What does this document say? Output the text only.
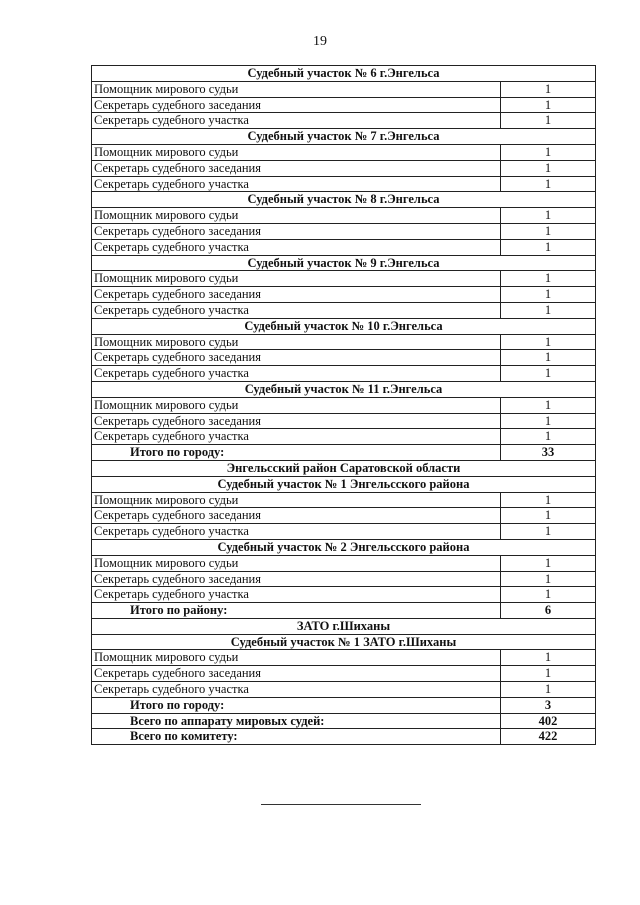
19
Судебный участок № 6 г.Энгельса	
Помощник мирового судьи	1
Секретарь судебного заседания	1
Секретарь судебного участка	1
Судебный участок № 7 г.Энгельса	
Помощник мирового судьи	1
Секретарь судебного заседания	1
Секретарь судебного участка	1
Судебный участок № 8 г.Энгельса	
Помощник мирового судьи	1
Секретарь судебного заседания	1
Секретарь судебного участка	1
Судебный участок № 9 г.Энгельса	
Помощник мирового судьи	1
Секретарь судебного заседания	1
Секретарь судебного участка	1
Судебный участок № 10 г.Энгельса	
Помощник мирового судьи	1
Секретарь судебного заседания	1
Секретарь судебного участка	1
Судебный участок № 11 г.Энгельса	
Помощник мирового судьи	1
Секретарь судебного заседания	1
Секретарь судебного участка	1
Итого по городу:	33
Энгельсский район Саратовской области	
Судебный участок № 1 Энгельсского района	
Помощник мирового судьи	1
Секретарь судебного заседания	1
Секретарь судебного участка	1
Судебный участок № 2 Энгельсского района	
Помощник мирового судьи	1
Секретарь судебного заседания	1
Секретарь судебного участка	1
Итого по району:	6
ЗАТО г.Шиханы	
Судебный участок № 1 ЗАТО г.Шиханы	
Помощник мирового судьи	1
Секретарь судебного заседания	1
Секретарь судебного участка	1
Итого по городу:	3
Всего по аппарату мировых судей:	402
Всего по комитету:	422
